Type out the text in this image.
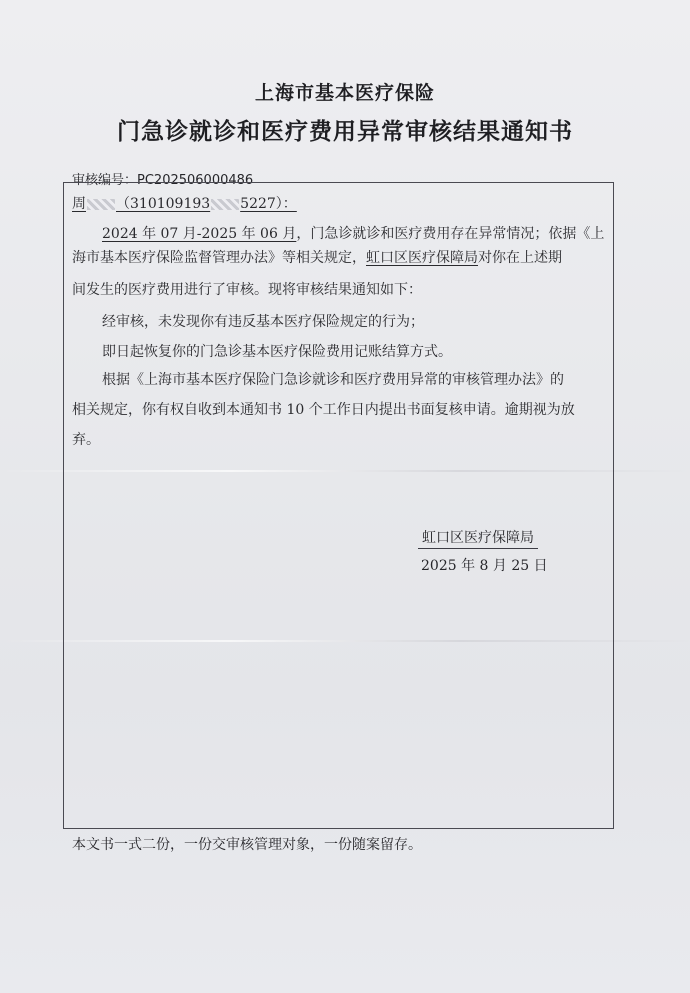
上海市基本医疗保险
门急诊就诊和医疗费用异常审核结果通知书
审核编号：PC202506000486
周 （310109193 5227）：
2024 年 07 月-2025 年 06 月，门急诊就诊和医疗费用存在异常情况；依据《上
海市基本医疗保险监督管理办法》等相关规定，虹口区医疗保障局对你在上述期
间发生的医疗费用进行了审核。现将审核结果通知如下：
经审核，未发现你有违反基本医疗保险规定的行为；
即日起恢复你的门急诊基本医疗保险费用记账结算方式。
根据《上海市基本医疗保险门急诊就诊和医疗费用异常的审核管理办法》的
相关规定，你有权自收到本通知书 10 个工作日内提出书面复核申请。逾期视为放
弃。
虹口区医疗保障局
2025 年 8 月 25 日
本文书一式二份，一份交审核管理对象，一份随案留存。
